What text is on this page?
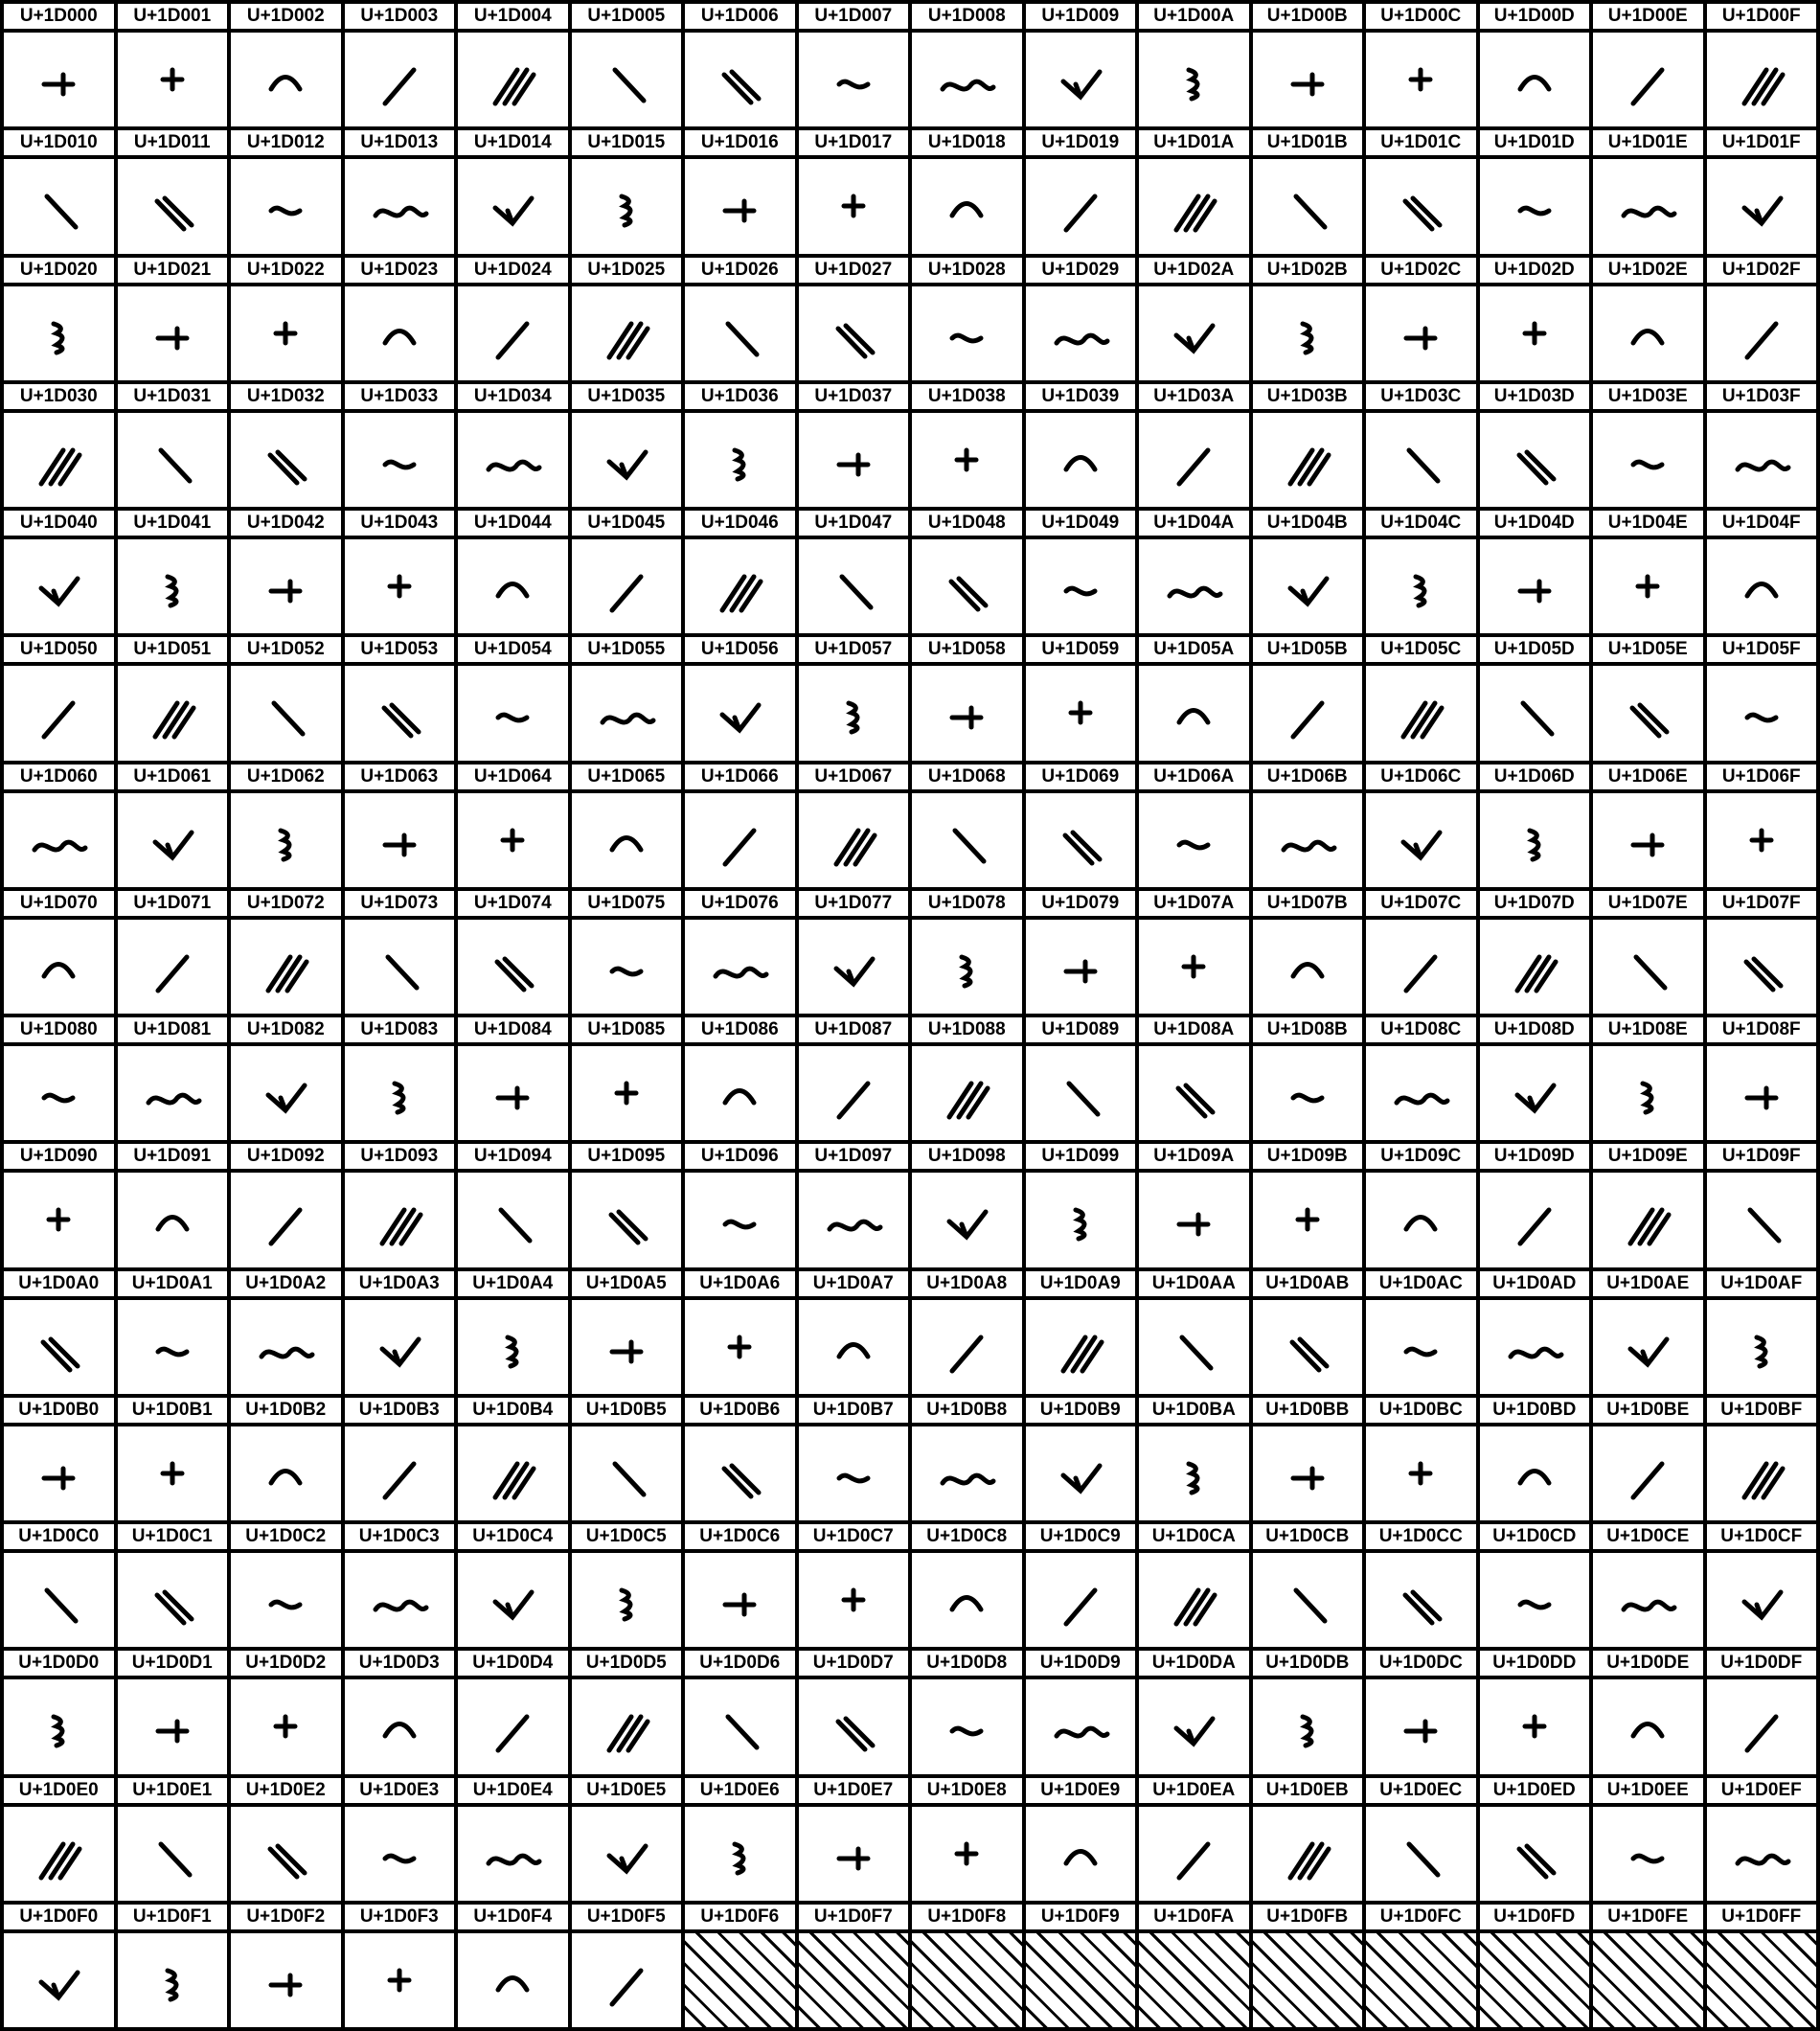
U+1D000	U+1D001	U+1D002	U+1D003	U+1D004	U+1D005	U+1D006	U+1D007	U+1D008	U+1D009	U+1D00A	U+1D00B	U+1D00C	U+1D00D	U+1D00E	U+1D00F
U+1D010	U+1D011	U+1D012	U+1D013	U+1D014	U+1D015	U+1D016	U+1D017	U+1D018	U+1D019	U+1D01A	U+1D01B	U+1D01C	U+1D01D	U+1D01E	U+1D01F
U+1D020	U+1D021	U+1D022	U+1D023	U+1D024	U+1D025	U+1D026	U+1D027	U+1D028	U+1D029	U+1D02A	U+1D02B	U+1D02C	U+1D02D	U+1D02E	U+1D02F
U+1D030	U+1D031	U+1D032	U+1D033	U+1D034	U+1D035	U+1D036	U+1D037	U+1D038	U+1D039	U+1D03A	U+1D03B	U+1D03C	U+1D03D	U+1D03E	U+1D03F
U+1D040	U+1D041	U+1D042	U+1D043	U+1D044	U+1D045	U+1D046	U+1D047	U+1D048	U+1D049	U+1D04A	U+1D04B	U+1D04C	U+1D04D	U+1D04E	U+1D04F
U+1D050	U+1D051	U+1D052	U+1D053	U+1D054	U+1D055	U+1D056	U+1D057	U+1D058	U+1D059	U+1D05A	U+1D05B	U+1D05C	U+1D05D	U+1D05E	U+1D05F
U+1D060	U+1D061	U+1D062	U+1D063	U+1D064	U+1D065	U+1D066	U+1D067	U+1D068	U+1D069	U+1D06A	U+1D06B	U+1D06C	U+1D06D	U+1D06E	U+1D06F
U+1D070	U+1D071	U+1D072	U+1D073	U+1D074	U+1D075	U+1D076	U+1D077	U+1D078	U+1D079	U+1D07A	U+1D07B	U+1D07C	U+1D07D	U+1D07E	U+1D07F
U+1D080	U+1D081	U+1D082	U+1D083	U+1D084	U+1D085	U+1D086	U+1D087	U+1D088	U+1D089	U+1D08A	U+1D08B	U+1D08C	U+1D08D	U+1D08E	U+1D08F
U+1D090	U+1D091	U+1D092	U+1D093	U+1D094	U+1D095	U+1D096	U+1D097	U+1D098	U+1D099	U+1D09A	U+1D09B	U+1D09C	U+1D09D	U+1D09E	U+1D09F
U+1D0A0	U+1D0A1	U+1D0A2	U+1D0A3	U+1D0A4	U+1D0A5	U+1D0A6	U+1D0A7	U+1D0A8	U+1D0A9	U+1D0AA	U+1D0AB	U+1D0AC	U+1D0AD	U+1D0AE	U+1D0AF
U+1D0B0	U+1D0B1	U+1D0B2	U+1D0B3	U+1D0B4	U+1D0B5	U+1D0B6	U+1D0B7	U+1D0B8	U+1D0B9	U+1D0BA	U+1D0BB	U+1D0BC	U+1D0BD	U+1D0BE	U+1D0BF
U+1D0C0	U+1D0C1	U+1D0C2	U+1D0C3	U+1D0C4	U+1D0C5	U+1D0C6	U+1D0C7	U+1D0C8	U+1D0C9	U+1D0CA	U+1D0CB	U+1D0CC	U+1D0CD	U+1D0CE	U+1D0CF
U+1D0D0	U+1D0D1	U+1D0D2	U+1D0D3	U+1D0D4	U+1D0D5	U+1D0D6	U+1D0D7	U+1D0D8	U+1D0D9	U+1D0DA	U+1D0DB	U+1D0DC	U+1D0DD	U+1D0DE	U+1D0DF
U+1D0E0	U+1D0E1	U+1D0E2	U+1D0E3	U+1D0E4	U+1D0E5	U+1D0E6	U+1D0E7	U+1D0E8	U+1D0E9	U+1D0EA	U+1D0EB	U+1D0EC	U+1D0ED	U+1D0EE	U+1D0EF
U+1D0F0	U+1D0F1	U+1D0F2	U+1D0F3	U+1D0F4	U+1D0F5	U+1D0F6	U+1D0F7	U+1D0F8	U+1D0F9	U+1D0FA	U+1D0FB	U+1D0FC	U+1D0FD	U+1D0FE	U+1D0FF
